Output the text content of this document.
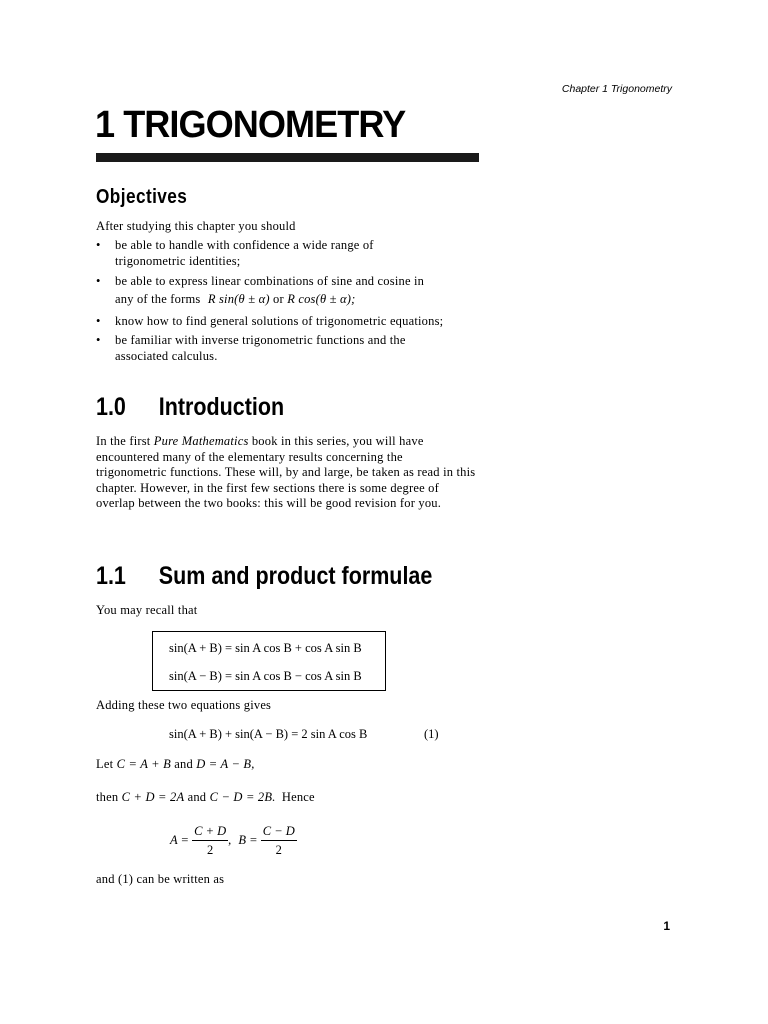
Chapter 1 Trigonometry
1 TRIGONOMETRY
Objectives
After studying this chapter you should
• be able to handle with confidence a wide range of trigonometric identities;
• be able to express linear combinations of sine and cosine in
any of the forms R sin(θ ± α) or R cos(θ ± α);
• know how to find general solutions of trigonometric equations;
• be familiar with inverse trigonometric functions and the associated calculus.
1.0 Introduction
In the first Pure Mathematics book in this series, you will have encountered many of the elementary results concerning the trigonometric functions. These will, by and large, be taken as read in this chapter. However, in the first few sections there is some degree of overlap between the two books: this will be good revision for you.
1.1 Sum and product formulae
You may recall that
sin(A + B) = sin A cos B + cos A sin B
sin(A − B) = sin A cos B − cos A sin B
Adding these two equations gives
sin(A + B) + sin(A − B) = 2 sin A cos B	(1)
Let C = A + B and D = A − B,
then C + D = 2A and C − D = 2B. Hence
$A = \frac{C + D}{2}$ , $B = \frac{C - D}{2}$
and (1) can be written as
1
